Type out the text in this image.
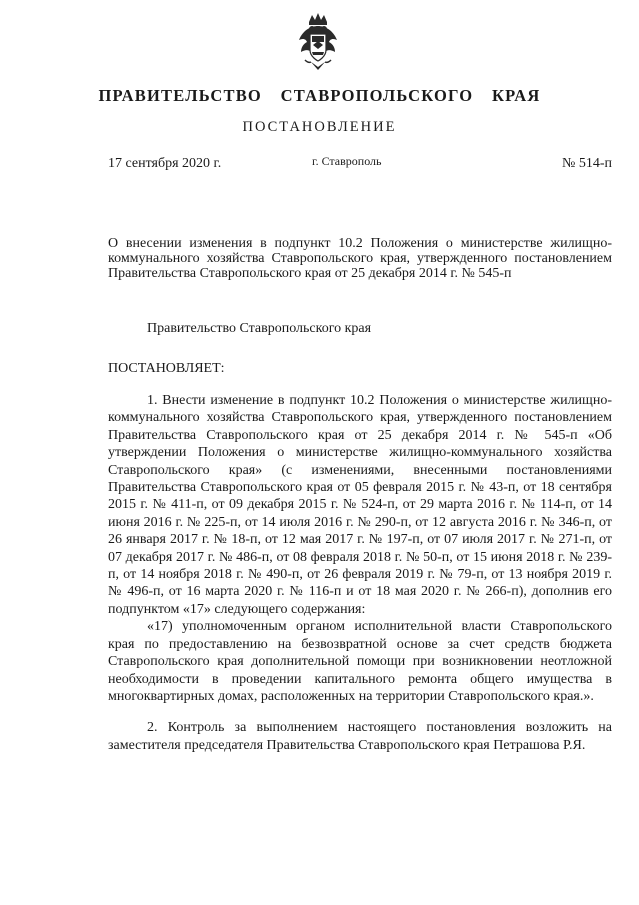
ПРАВИТЕЛЬСТВО  СТАВРОПОЛЬСКОГО  КРАЯ
ПОСТАНОВЛЕНИЕ
17 сентября 2020 г.	г. Ставрополь	№ 514-п
О внесении изменения в подпункт 10.2 Положения о министерстве жилищно-коммунального хозяйства Ставропольского края, утвержденного постановлением Правительства Ставропольского края от 25 декабря 2014 г. № 545-п
Правительство Ставропольского края
ПОСТАНОВЛЯЕТ:

1. Внести изменение в подпункт 10.2 Положения о министерстве жилищно-коммунального хозяйства Ставропольского края, утвержденного постановлением Правительства Ставропольского края от 25 декабря 2014 г. № 545-п «Об утверждении Положения о министерстве жилищно-коммунального хозяйства Ставропольского края» (с изменениями, внесенными постановлениями Правительства Ставропольского края от 05 февраля 2015 г. № 43-п, от 18 сентября 2015 г. № 411-п, от 09 декабря 2015 г. № 524-п, от 29 марта 2016 г. № 114-п, от 14 июня 2016 г. № 225-п, от 14 июля 2016 г. № 290-п, от 12 августа 2016 г. № 346-п, от 26 января 2017 г. № 18-п, от 12 мая 2017 г. № 197-п, от 07 июля 2017 г. № 271-п, от 07 декабря 2017 г. № 486-п, от 08 февраля 2018 г. № 50-п, от 15 июня 2018 г. № 239-п, от 14 ноября 2018 г. № 490-п, от 26 февраля 2019 г. № 79-п, от 13 ноября 2019 г. № 496-п, от 16 марта 2020 г. № 116-п и от 18 мая 2020 г. № 266-п), дополнив его подпунктом «17» следующего содержания:

«17) уполномоченным органом исполнительной власти Ставропольского края по предоставлению на безвозвратной основе за счет средств бюджета Ставропольского края дополнительной помощи при возникновении неотложной необходимости в проведении капитального ремонта общего имущества в многоквартирных домах, расположенных на территории Ставропольского края.».

2. Контроль за выполнением настоящего постановления возложить на заместителя председателя Правительства Ставропольского края Петрашова Р.Я.
